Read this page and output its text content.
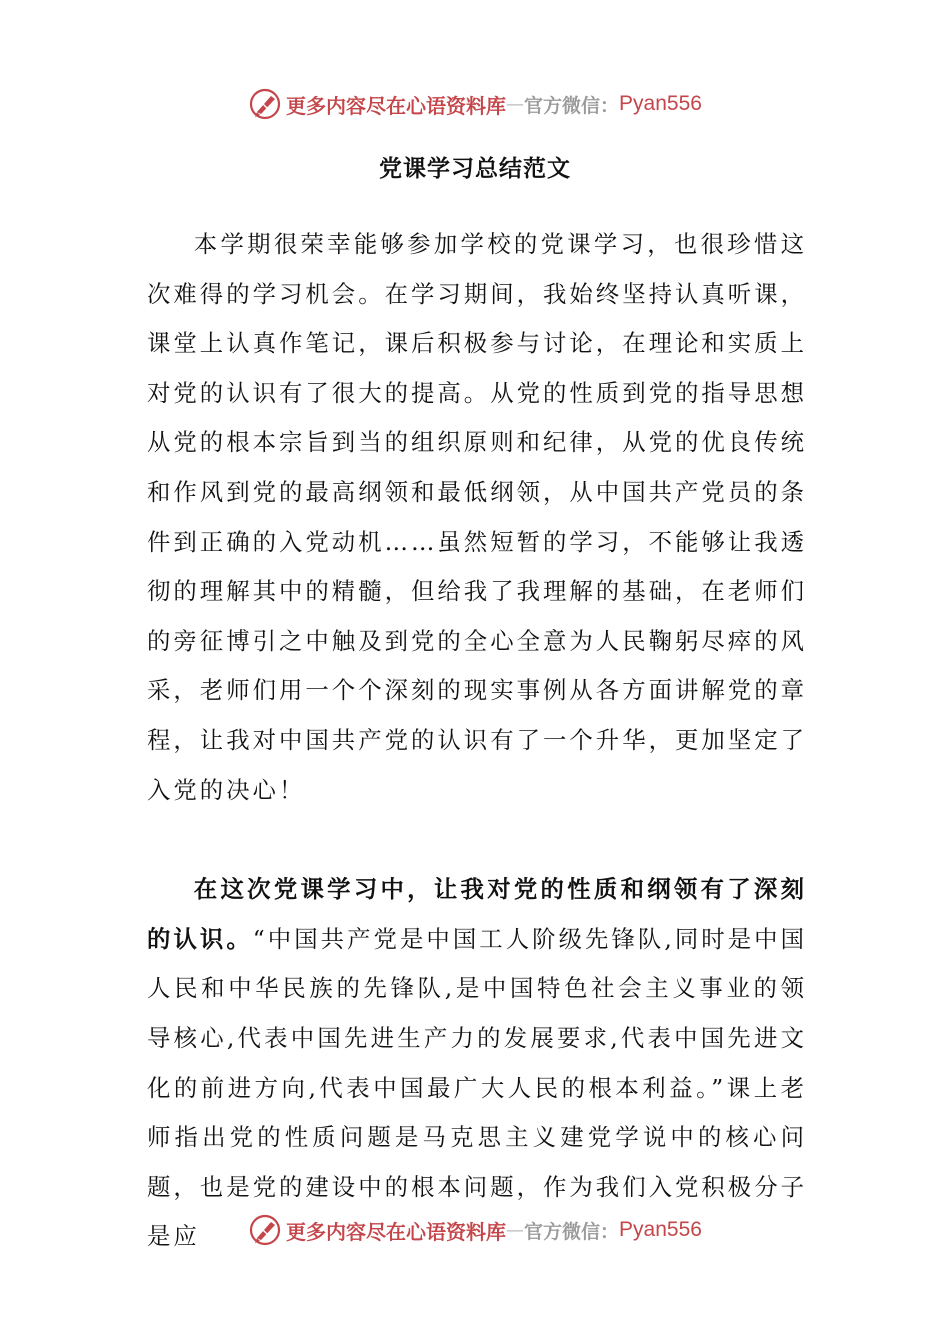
更多内容尽在心语资料库 — 官方微信： Pyan556
党课学习总结范文

本学期很荣幸能够参加学校的党课学习，也很珍惜这次难得的学习机会。在学习期间，我始终坚持认真听课，课堂上认真作笔记，课后积极参与讨论，在理论和实质上对党的认识有了很大的提高。从党的性质到党的指导思想从党的根本宗旨到当的组织原则和纪律，从党的优良传统和作风到党的最高纲领和最低纲领，从中国共产党员的条件到正确的入党动机……虽然短暂的学习，不能够让我透彻的理解其中的精髓，但给我了我理解的基础，在老师们的旁征博引之中触及到党的全心全意为人民鞠躬尽瘁的风采，老师们用一个个深刻的现实事例从各方面讲解党的章程，让我对中国共产党的认识有了一个升华，更加坚定了入党的决心！

在这次党课学习中，让我对党的性质和纲领有了深刻的认识。“中国共产党是中国工人阶级先锋队,同时是中国人民和中华民族的先锋队,是中国特色社会主义事业的领导核心,代表中国先进生产力的发展要求,代表中国先进文化的前进方向,代表中国最广大人民的根本利益。”课上老师指出党的性质问题是马克思主义建党学说中的核心问题，也是党的建设中的根本问题，作为我们入党积极分子是应	更多内容尽在心语资料库 — 官方微信： Pyan556
